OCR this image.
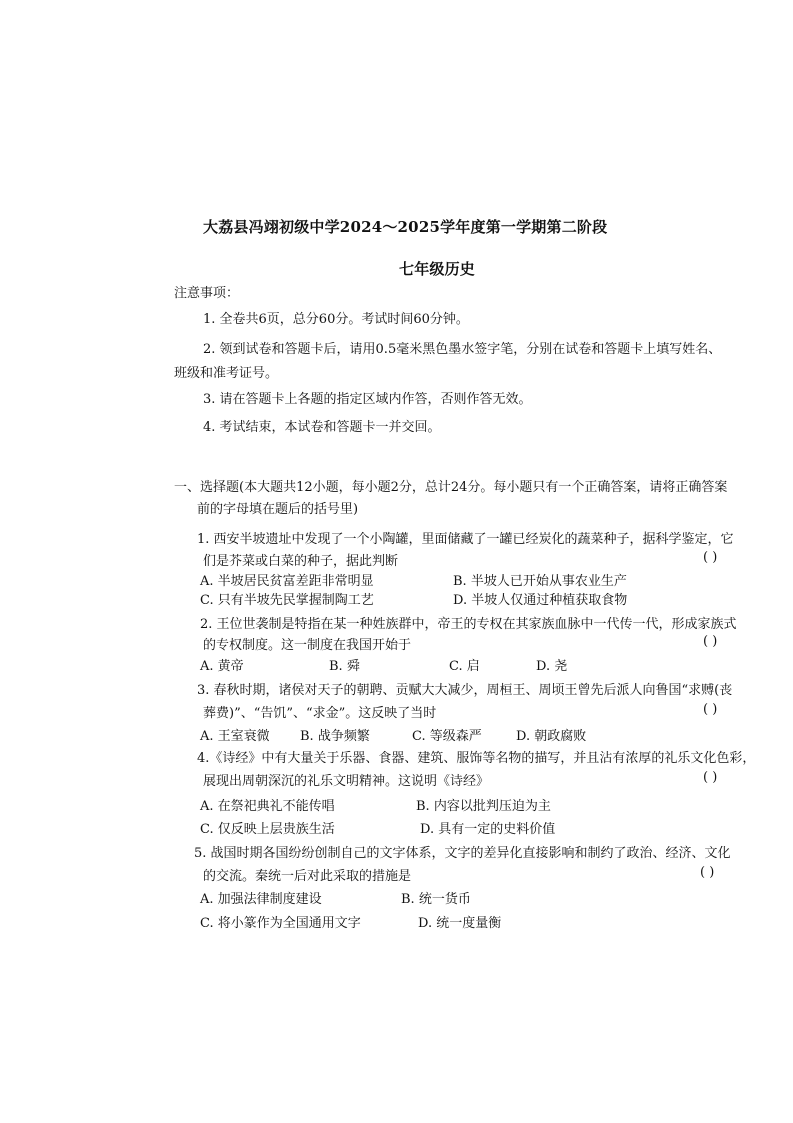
大荔县冯翊初级中学2024～2025学年度第一学期第二阶段
七年级历史
注意事项：
1. 全卷共6页，总分60分。考试时间60分钟。
2. 领到试卷和答题卡后，请用0.5毫米黑色墨水签字笔，分别在试卷和答题卡上填写姓名、
班级和准考证号。
3. 请在答题卡上各题的指定区域内作答，否则作答无效。
4. 考试结束，本试卷和答题卡一并交回。
一、选择题(本大题共12小题，每小题2分，总计24分。每小题只有一个正确答案，请将正确答案
前的字母填在题后的括号里)
1. 西安半坡遗址中发现了一个小陶罐，里面储藏了一罐已经炭化的蔬菜种子，据科学鉴定，它
们是芥菜或白菜的种子，据此判断	( )
A. 半坡居民贫富差距非常明显	B. 半坡人已开始从事农业生产
C. 只有半坡先民掌握制陶工艺	D. 半坡人仅通过种植获取食物
2. 王位世袭制是特指在某一种姓族群中，帝王的专权在其家族血脉中一代传一代，形成家族式
的专权制度。这一制度在我国开始于	( )
A. 黄帝	B. 舜	C. 启	D. 尧
3. 春秋时期，诸侯对天子的朝聘、贡赋大大减少，周桓王、周顷王曾先后派人向鲁国“求赙(丧
葬费)”、“告饥”、“求金”。这反映了当时	( )
A. 王室衰微 B. 战争频繁	C. 等级森严	D. 朝政腐败
4.《诗经》中有大量关于乐器、食器、建筑、服饰等名物的描写，并且沾有浓厚的礼乐文化色彩，
展现出周朝深沉的礼乐文明精神。这说明《诗经》	( )
A. 在祭祀典礼不能传唱	B. 内容以批判压迫为主
C. 仅反映上层贵族生活	D. 具有一定的史料价值
5. 战国时期各国纷纷创制自己的文字体系，文字的差异化直接影响和制约了政治、经济、文化
的交流。秦统一后对此采取的措施是	( )
A. 加强法律制度建设	B. 统一货币
C. 将小篆作为全国通用文字	D. 统一度量衡
